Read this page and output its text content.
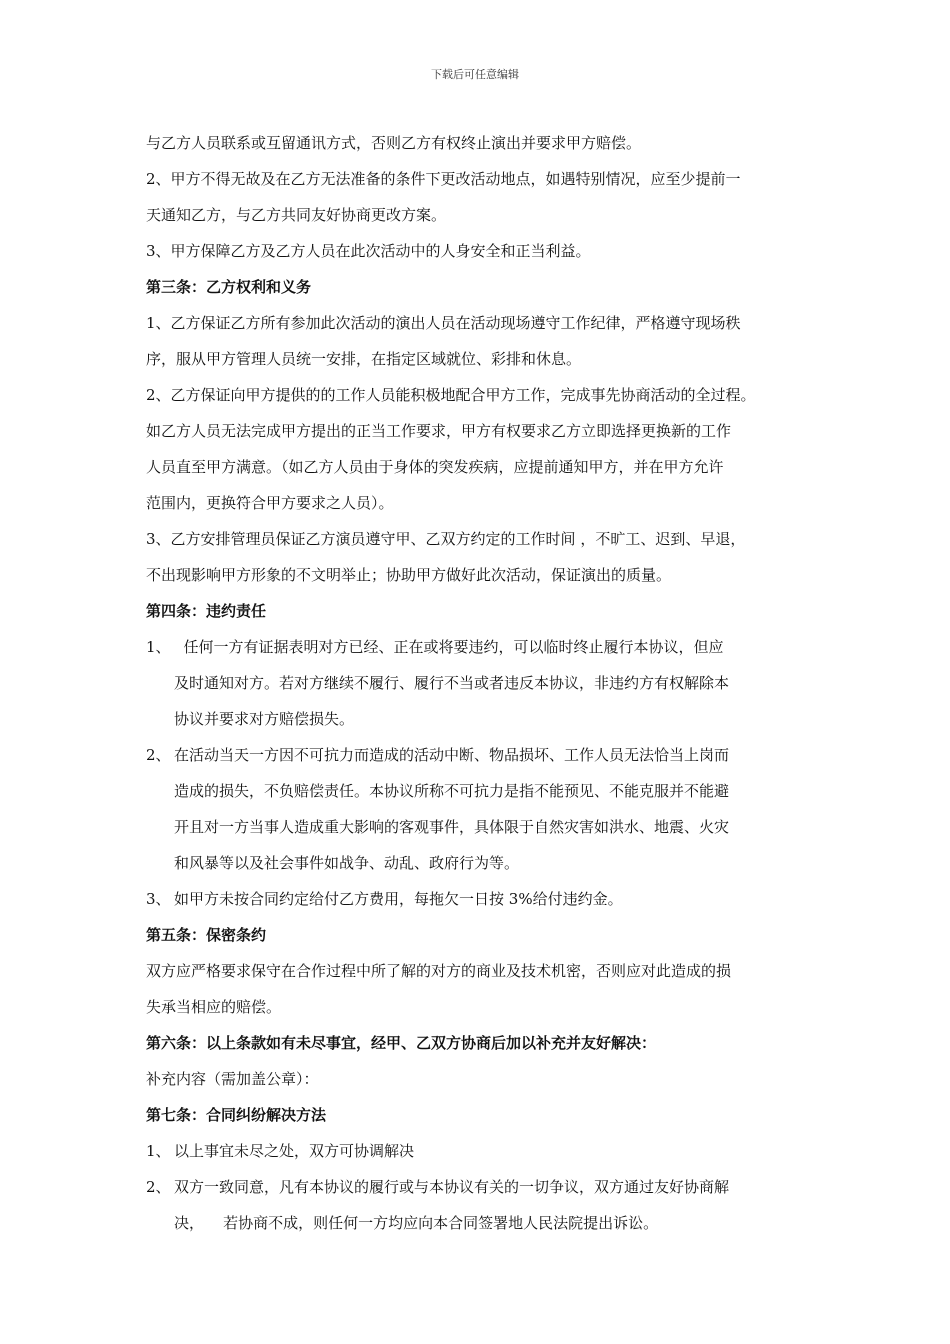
下载后可任意编辑
与乙方人员联系或互留通讯方式，否则乙方有权终止演出并要求甲方赔偿。
2、甲方不得无故及在乙方无法准备的条件下更改活动地点，如遇特别情况，应至少提前一
天通知乙方，与乙方共同友好协商更改方案。
3、甲方保障乙方及乙方人员在此次活动中的人身安全和正当利益。
第三条：乙方权利和义务
1、乙方保证乙方所有参加此次活动的演出人员在活动现场遵守工作纪律，严格遵守现场秩
序，服从甲方管理人员统一安排，在指定区域就位、彩排和休息。
2、乙方保证向甲方提供的的工作人员能积极地配合甲方工作，完成事先协商活动的全过程。
如乙方人员无法完成甲方提出的正当工作要求，甲方有权要求乙方立即选择更换新的工作
人员直至甲方满意。（如乙方人员由于身体的突发疾病，应提前通知甲方，并在甲方允许
范围内，更换符合甲方要求之人员）。
3、乙方安排管理员保证乙方演员遵守甲、乙双方约定的工作时间 ，不旷工、迟到、早退，
不出现影响甲方形象的不文明举止；协助甲方做好此次活动，保证演出的质量。
第四条：违约责任
1、 任何一方有证据表明对方已经、正在或将要违约，可以临时终止履行本协议，但应
及时通知对方。若对方继续不履行、履行不当或者违反本协议，非违约方有权解除本
协议并要求对方赔偿损失。
2、 在活动当天一方因不可抗力而造成的活动中断、物品损坏、工作人员无法恰当上岗而
造成的损失，不负赔偿责任。本协议所称不可抗力是指不能预见、不能克服并不能避
开且对一方当事人造成重大影响的客观事件，具体限于自然灾害如洪水、地震、火灾
和风暴等以及社会事件如战争、动乱、政府行为等。
3、 如甲方未按合同约定给付乙方费用，每拖欠一日按 3%给付违约金。
第五条：保密条约
双方应严格要求保守在合作过程中所了解的对方的商业及技术机密，否则应对此造成的损
失承当相应的赔偿。
第六条：以上条款如有未尽事宜，经甲、乙双方协商后加以补充并友好解决：
补充内容（需加盖公章）：
第七条：合同纠纷解决方法
1、 以上事宜未尽之处，双方可协调解决
2、 双方一致同意，凡有本协议的履行或与本协议有关的一切争议，双方通过友好协商解
决，    若协商不成，则任何一方均应向本合同签署地人民法院提出诉讼。
